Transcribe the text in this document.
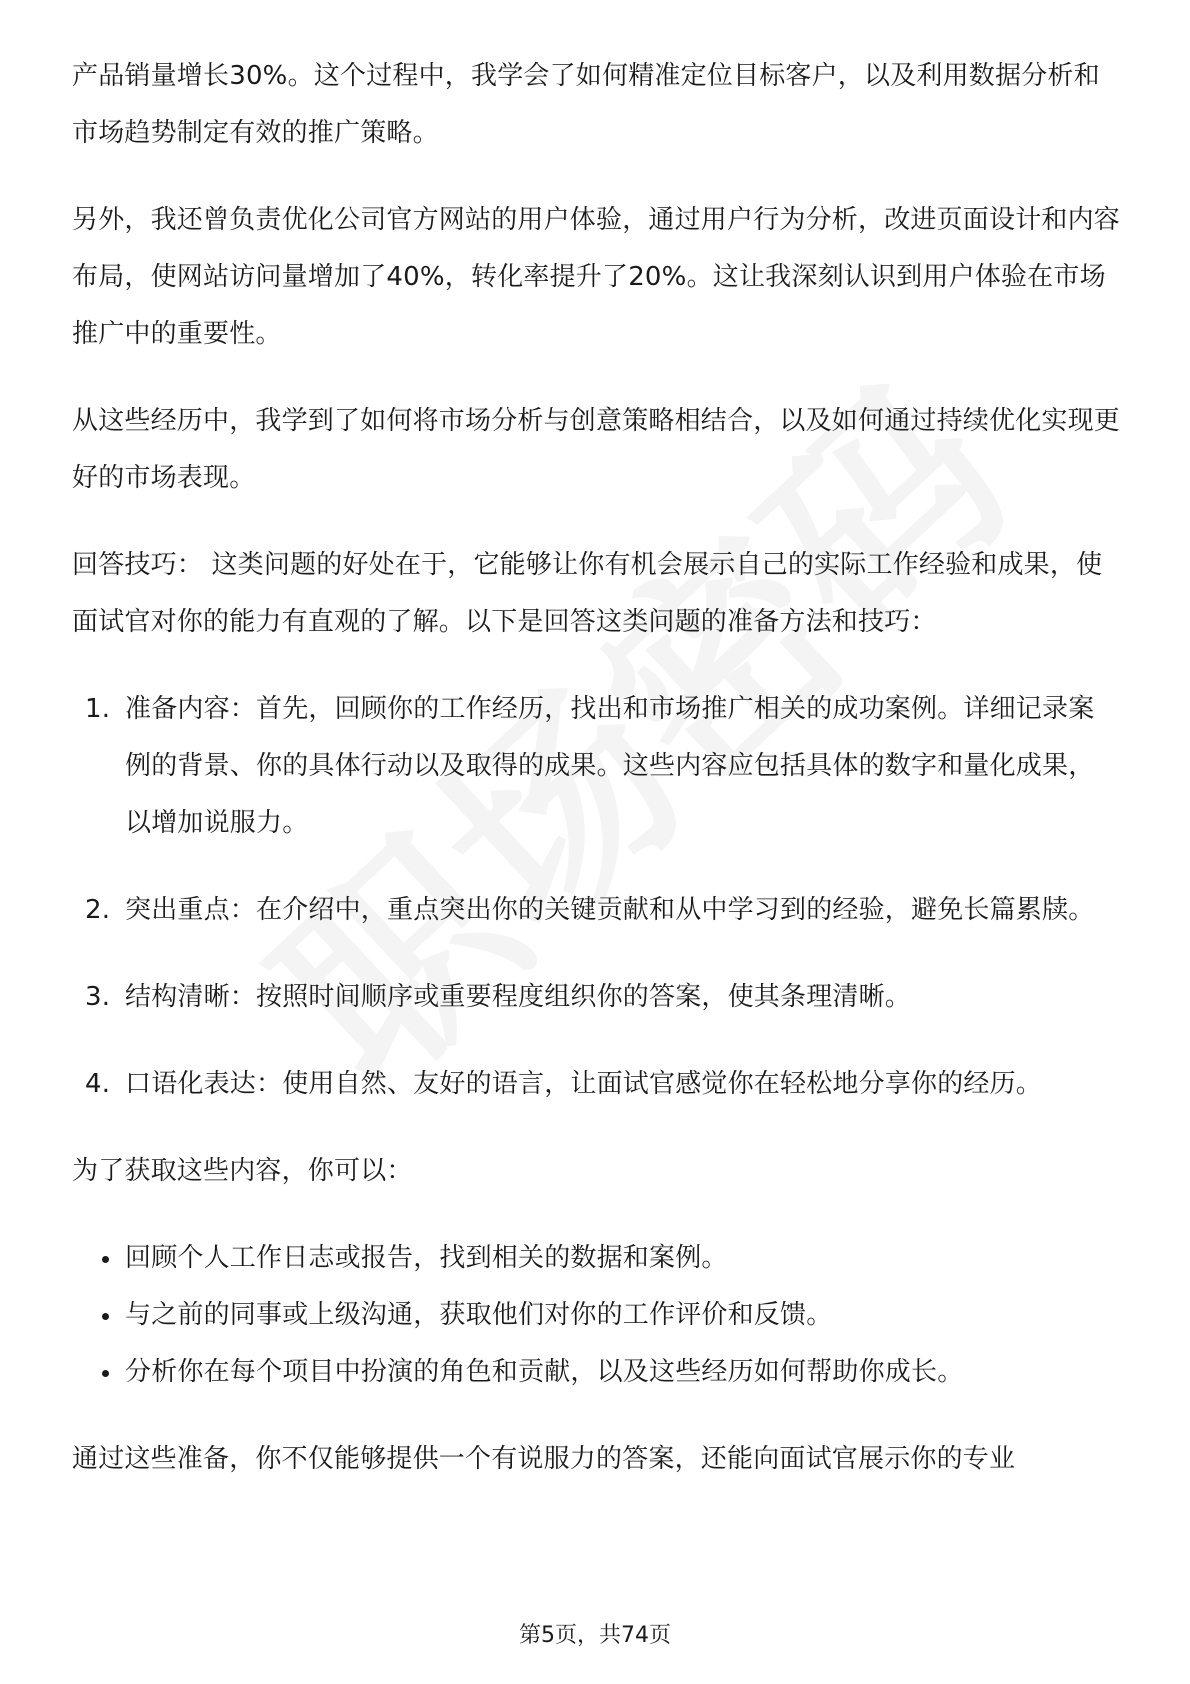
产品销量增长30%。这个过程中，我学会了如何精准定位目标客户，以及利用数据分析和市场趋势制定有效的推广策略。

另外，我还曾负责优化公司官方网站的用户体验，通过用户行为分析，改进页面设计和内容布局，使网站访问量增加了40%，转化率提升了20%。这让我深刻认识到用户体验在市场推广中的重要性。

从这些经历中，我学到了如何将市场分析与创意策略相结合，以及如何通过持续优化实现更好的市场表现。

回答技巧： 这类问题的好处在于，它能够让你有机会展示自己的实际工作经验和成果，使面试官对你的能力有直观的了解。以下是回答这类问题的准备方法和技巧：

1. 准备内容：首先，回顾你的工作经历，找出和市场推广相关的成功案例。详细记录案例的背景、你的具体行动以及取得的成果。这些内容应包括具体的数字和量化成果，以增加说服力。
2. 突出重点：在介绍中，重点突出你的关键贡献和从中学习到的经验，避免长篇累牍。
3. 结构清晰：按照时间顺序或重要程度组织你的答案，使其条理清晰。
4. 口语化表达：使用自然、友好的语言，让面试官感觉你在轻松地分享你的经历。

为了获取这些内容，你可以：

回顾个人工作日志或报告，找到相关的数据和案例。
与之前的同事或上级沟通，获取他们对你的工作评价和反馈。
分析你在每个项目中扮演的角色和贡献，以及这些经历如何帮助你成长。

通过这些准备，你不仅能够提供一个有说服力的答案，还能向面试官展示你的专业

第5页，共74页
